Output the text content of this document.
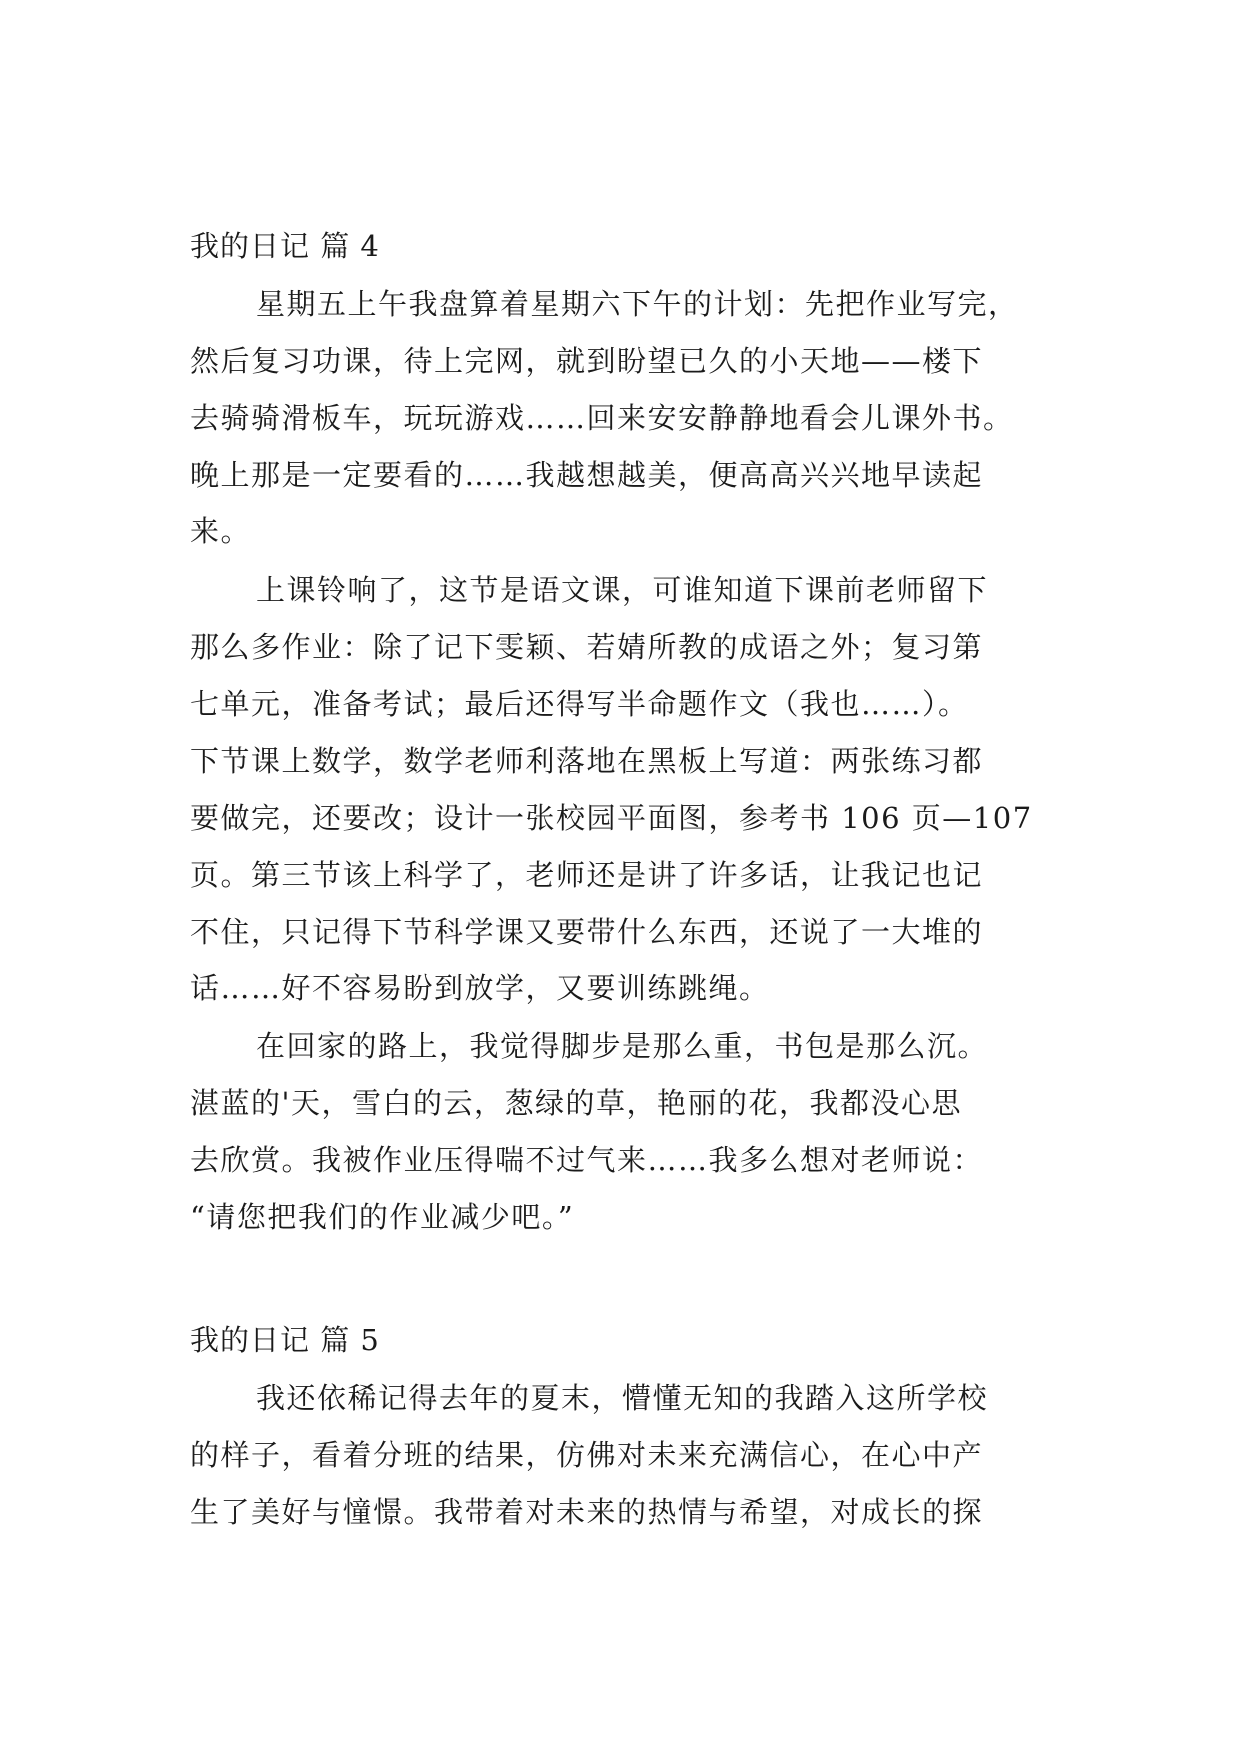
我的日记 篇 4
星期五上午我盘算着星期六下午的计划：先把作业写完，
然后复习功课，待上完网，就到盼望已久的小天地——楼下
去骑骑滑板车，玩玩游戏……回来安安静静地看会儿课外书。
晚上那是一定要看的……我越想越美，便高高兴兴地早读起
来。
上课铃响了，这节是语文课，可谁知道下课前老师留下
那么多作业：除了记下雯颖、若婧所教的成语之外；复习第
七单元，准备考试；最后还得写半命题作文（我也……）。
下节课上数学，数学老师利落地在黑板上写道：两张练习都
要做完，还要改；设计一张校园平面图，参考书 106 页—107
页。第三节该上科学了，老师还是讲了许多话，让我记也记
不住，只记得下节科学课又要带什么东西，还说了一大堆的
话……好不容易盼到放学，又要训练跳绳。
在回家的路上，我觉得脚步是那么重，书包是那么沉。
湛蓝的'天，雪白的云，葱绿的草，艳丽的花，我都没心思
去欣赏。我被作业压得喘不过气来……我多么想对老师说：
“请您把我们的作业减少吧。”
我的日记 篇 5
我还依稀记得去年的夏末，懵懂无知的我踏入这所学校
的样子，看着分班的结果，仿佛对未来充满信心，在心中产
生了美好与憧憬。我带着对未来的热情与希望，对成长的探
